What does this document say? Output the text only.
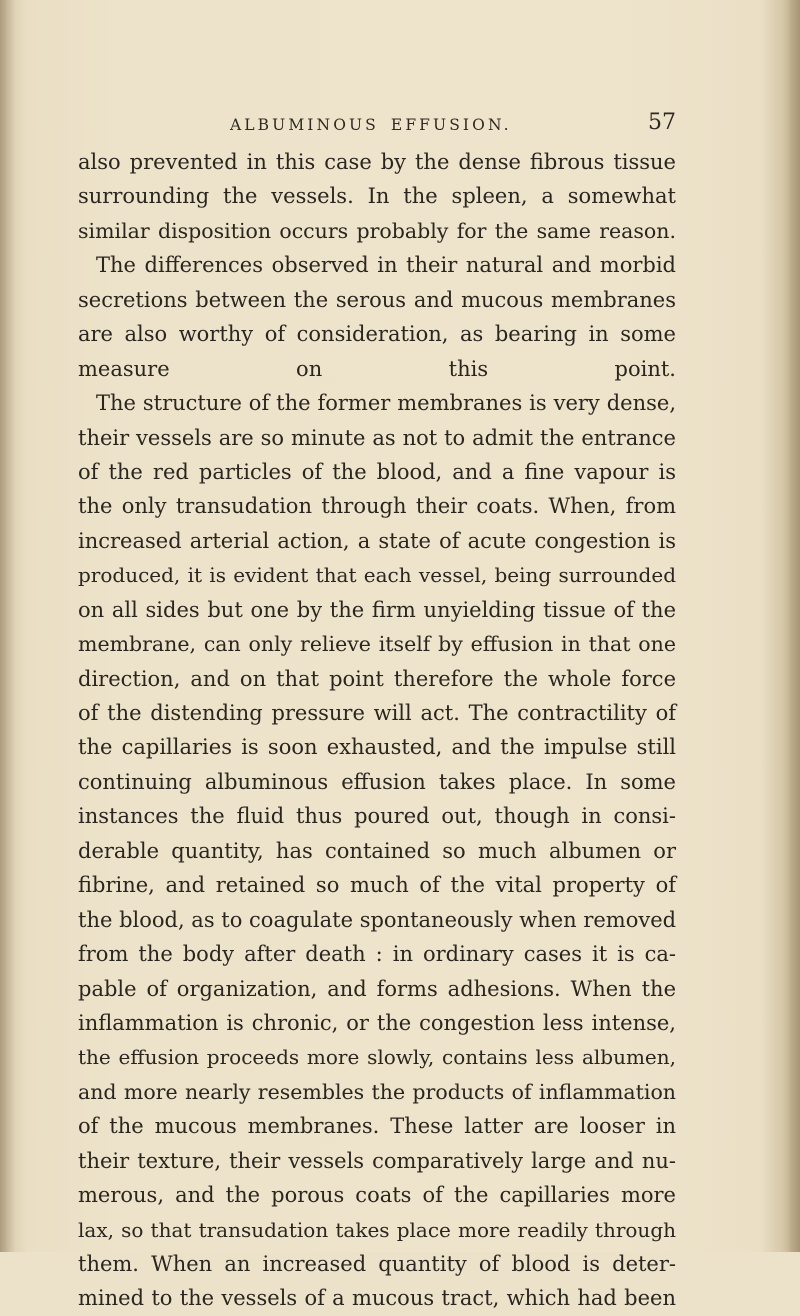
ALBUMINOUS EFFUSION.	57
also prevented in this case by the dense fibrous tissue
surrounding the vessels. In the spleen, a somewhat
similar disposition occurs probably for the same reason.
The differences observed in their natural and morbid
secretions between the serous and mucous membranes
are also worthy of consideration, as bearing in some
measure on this point.
The structure of the former membranes is very dense,
their vessels are so minute as not to admit the entrance
of the red particles of the blood, and a fine vapour is
the only transudation through their coats. When, from
increased arterial action, a state of acute congestion is
produced, it is evident that each vessel, being surrounded
on all sides but one by the firm unyielding tissue of the
membrane, can only relieve itself by effusion in that one
direction, and on that point therefore the whole force
of the distending pressure will act. The contractility of
the capillaries is soon exhausted, and the impulse still
continuing albuminous effusion takes place. In some
instances the fluid thus poured out, though in consi-
derable quantity, has contained so much albumen or
fibrine, and retained so much of the vital property of
the blood, as to coagulate spontaneously when removed
from the body after death : in ordinary cases it is ca-
pable of organization, and forms adhesions. When the
inflammation is chronic, or the congestion less intense,
the effusion proceeds more slowly, contains less albumen,
and more nearly resembles the products of inflammation
of the mucous membranes. These latter are looser in
their texture, their vessels comparatively large and nu-
merous, and the porous coats of the capillaries more
lax, so that transudation takes place more readily through
them. When an increased quantity of blood is deter-
mined to the vessels of a mucous tract, which had been
